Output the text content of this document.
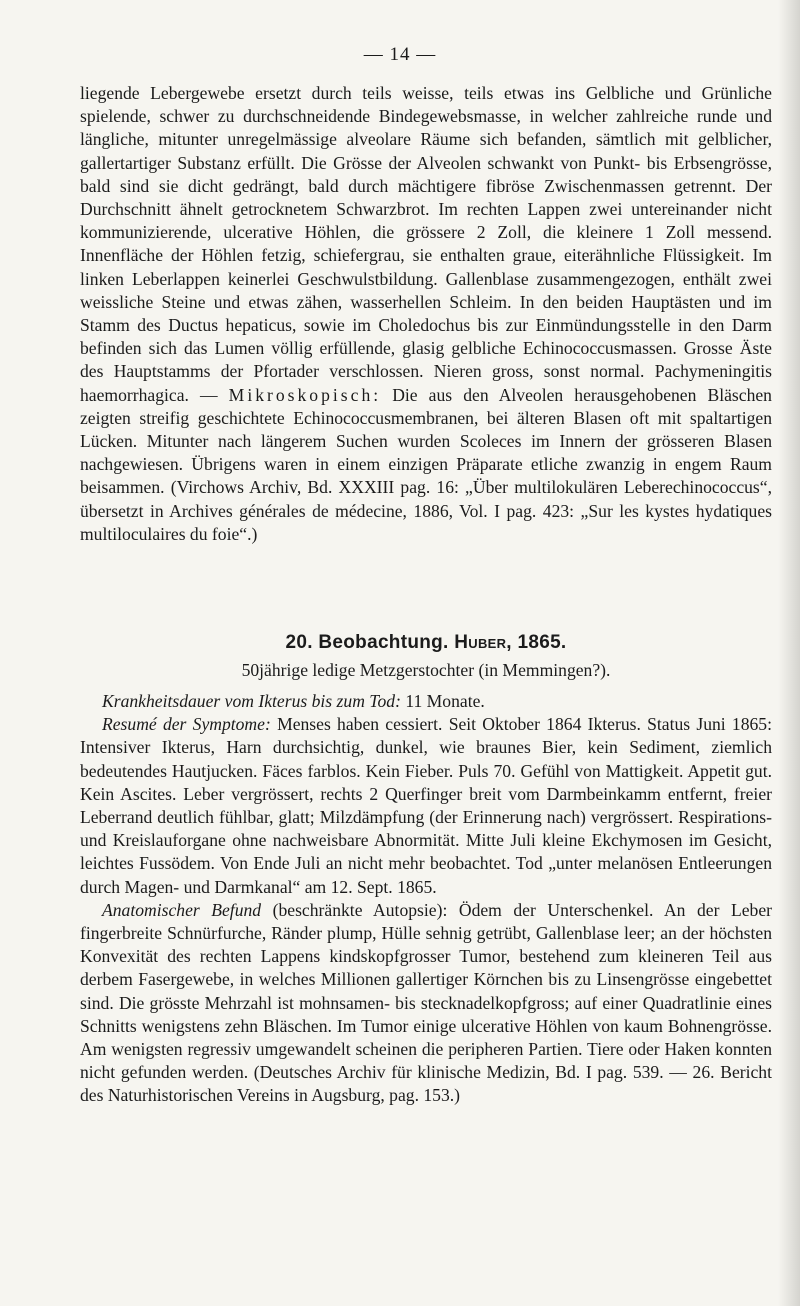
— 14 —

liegende Lebergewebe ersetzt durch teils weisse, teils etwas ins Gelbliche und Grünliche spielende, schwer zu durchschneidende Bindegewebsmasse, in welcher zahlreiche runde und längliche, mitunter unregelmässige alveolare Räume sich befanden, sämtlich mit gelblicher, gallertartiger Substanz erfüllt. Die Grösse der Alveolen schwankt von Punkt- bis Erbsengrösse, bald sind sie dicht gedrängt, bald durch mächtigere fibröse Zwischenmassen getrennt. Der Durchschnitt ähnelt getrocknetem Schwarzbrot. Im rechten Lappen zwei untereinander nicht kommunizierende, ulcerative Höhlen, die grössere 2 Zoll, die kleinere 1 Zoll messend. Innenfläche der Höhlen fetzig, schiefergrau, sie enthalten graue, eiterähnliche Flüssigkeit. Im linken Leberlappen keinerlei Geschwulstbildung. Gallenblase zusammengezogen, enthält zwei weissliche Steine und etwas zähen, wasserhellen Schleim. In den beiden Hauptästen und im Stamm des Ductus hepaticus, sowie im Choledochus bis zur Einmündungsstelle in den Darm befinden sich das Lumen völlig erfüllende, glasig gelbliche Echinococcusmassen. Grosse Äste des Hauptstamms der Pfortader verschlossen. Nieren gross, sonst normal. Pachymeningitis haemorrhagica. — Mikroskopisch: Die aus den Alveolen herausgehobenen Bläschen zeigten streifig geschichtete Echinococcusmembranen, bei älteren Blasen oft mit spaltartigen Lücken. Mitunter nach längerem Suchen wurden Scoleces im Innern der grösseren Blasen nachgewiesen. Übrigens waren in einem einzigen Präparate etliche zwanzig in engem Raum beisammen. (Virchows Archiv, Bd. XXXIII pag. 16: „Über multilokulären Leberechinococcus“, übersetzt in Archives générales de médecine, 1886, Vol. I pag. 423: „Sur les kystes hydatiques multiloculaires du foie“.)

20. Beobachtung. Huber, 1865.
50jährige ledige Metzgerstochter (in Memmingen?).

Krankheitsdauer vom Ikterus bis zum Tod: 11 Monate.

Resumé der Symptome: Menses haben cessiert. Seit Oktober 1864 Ikterus. Status Juni 1865: Intensiver Ikterus, Harn durchsichtig, dunkel, wie braunes Bier, kein Sediment, ziemlich bedeutendes Hautjucken. Fäces farblos. Kein Fieber. Puls 70. Gefühl von Mattigkeit. Appetit gut. Kein Ascites. Leber vergrössert, rechts 2 Querfinger breit vom Darmbeinkamm entfernt, freier Leberrand deutlich fühlbar, glatt; Milzdämpfung (der Erinnerung nach) vergrössert. Respirations- und Kreislauforgane ohne nachweisbare Abnormität. Mitte Juli kleine Ekchymosen im Gesicht, leichtes Fussödem. Von Ende Juli an nicht mehr beobachtet. Tod „unter melanösen Entleerungen durch Magen- und Darmkanal“ am 12. Sept. 1865.

Anatomischer Befund (beschränkte Autopsie): Ödem der Unterschenkel. An der Leber fingerbreite Schnürfurche, Ränder plump, Hülle sehnig getrübt, Gallenblase leer; an der höchsten Konvexität des rechten Lappens kindskopfgrosser Tumor, bestehend zum kleineren Teil aus derbem Fasergewebe, in welches Millionen gallertiger Körnchen bis zu Linsengrösse eingebettet sind. Die grösste Mehrzahl ist mohnsamen- bis stecknadelkopfgross; auf einer Quadratlinie eines Schnitts wenigstens zehn Bläschen. Im Tumor einige ulcerative Höhlen von kaum Bohnengrösse. Am wenigsten regressiv umgewandelt scheinen die peripheren Partien. Tiere oder Haken konnten nicht gefunden werden. (Deutsches Archiv für klinische Medizin, Bd. I pag. 539. — 26. Bericht des Naturhistorischen Vereins in Augsburg, pag. 153.)
